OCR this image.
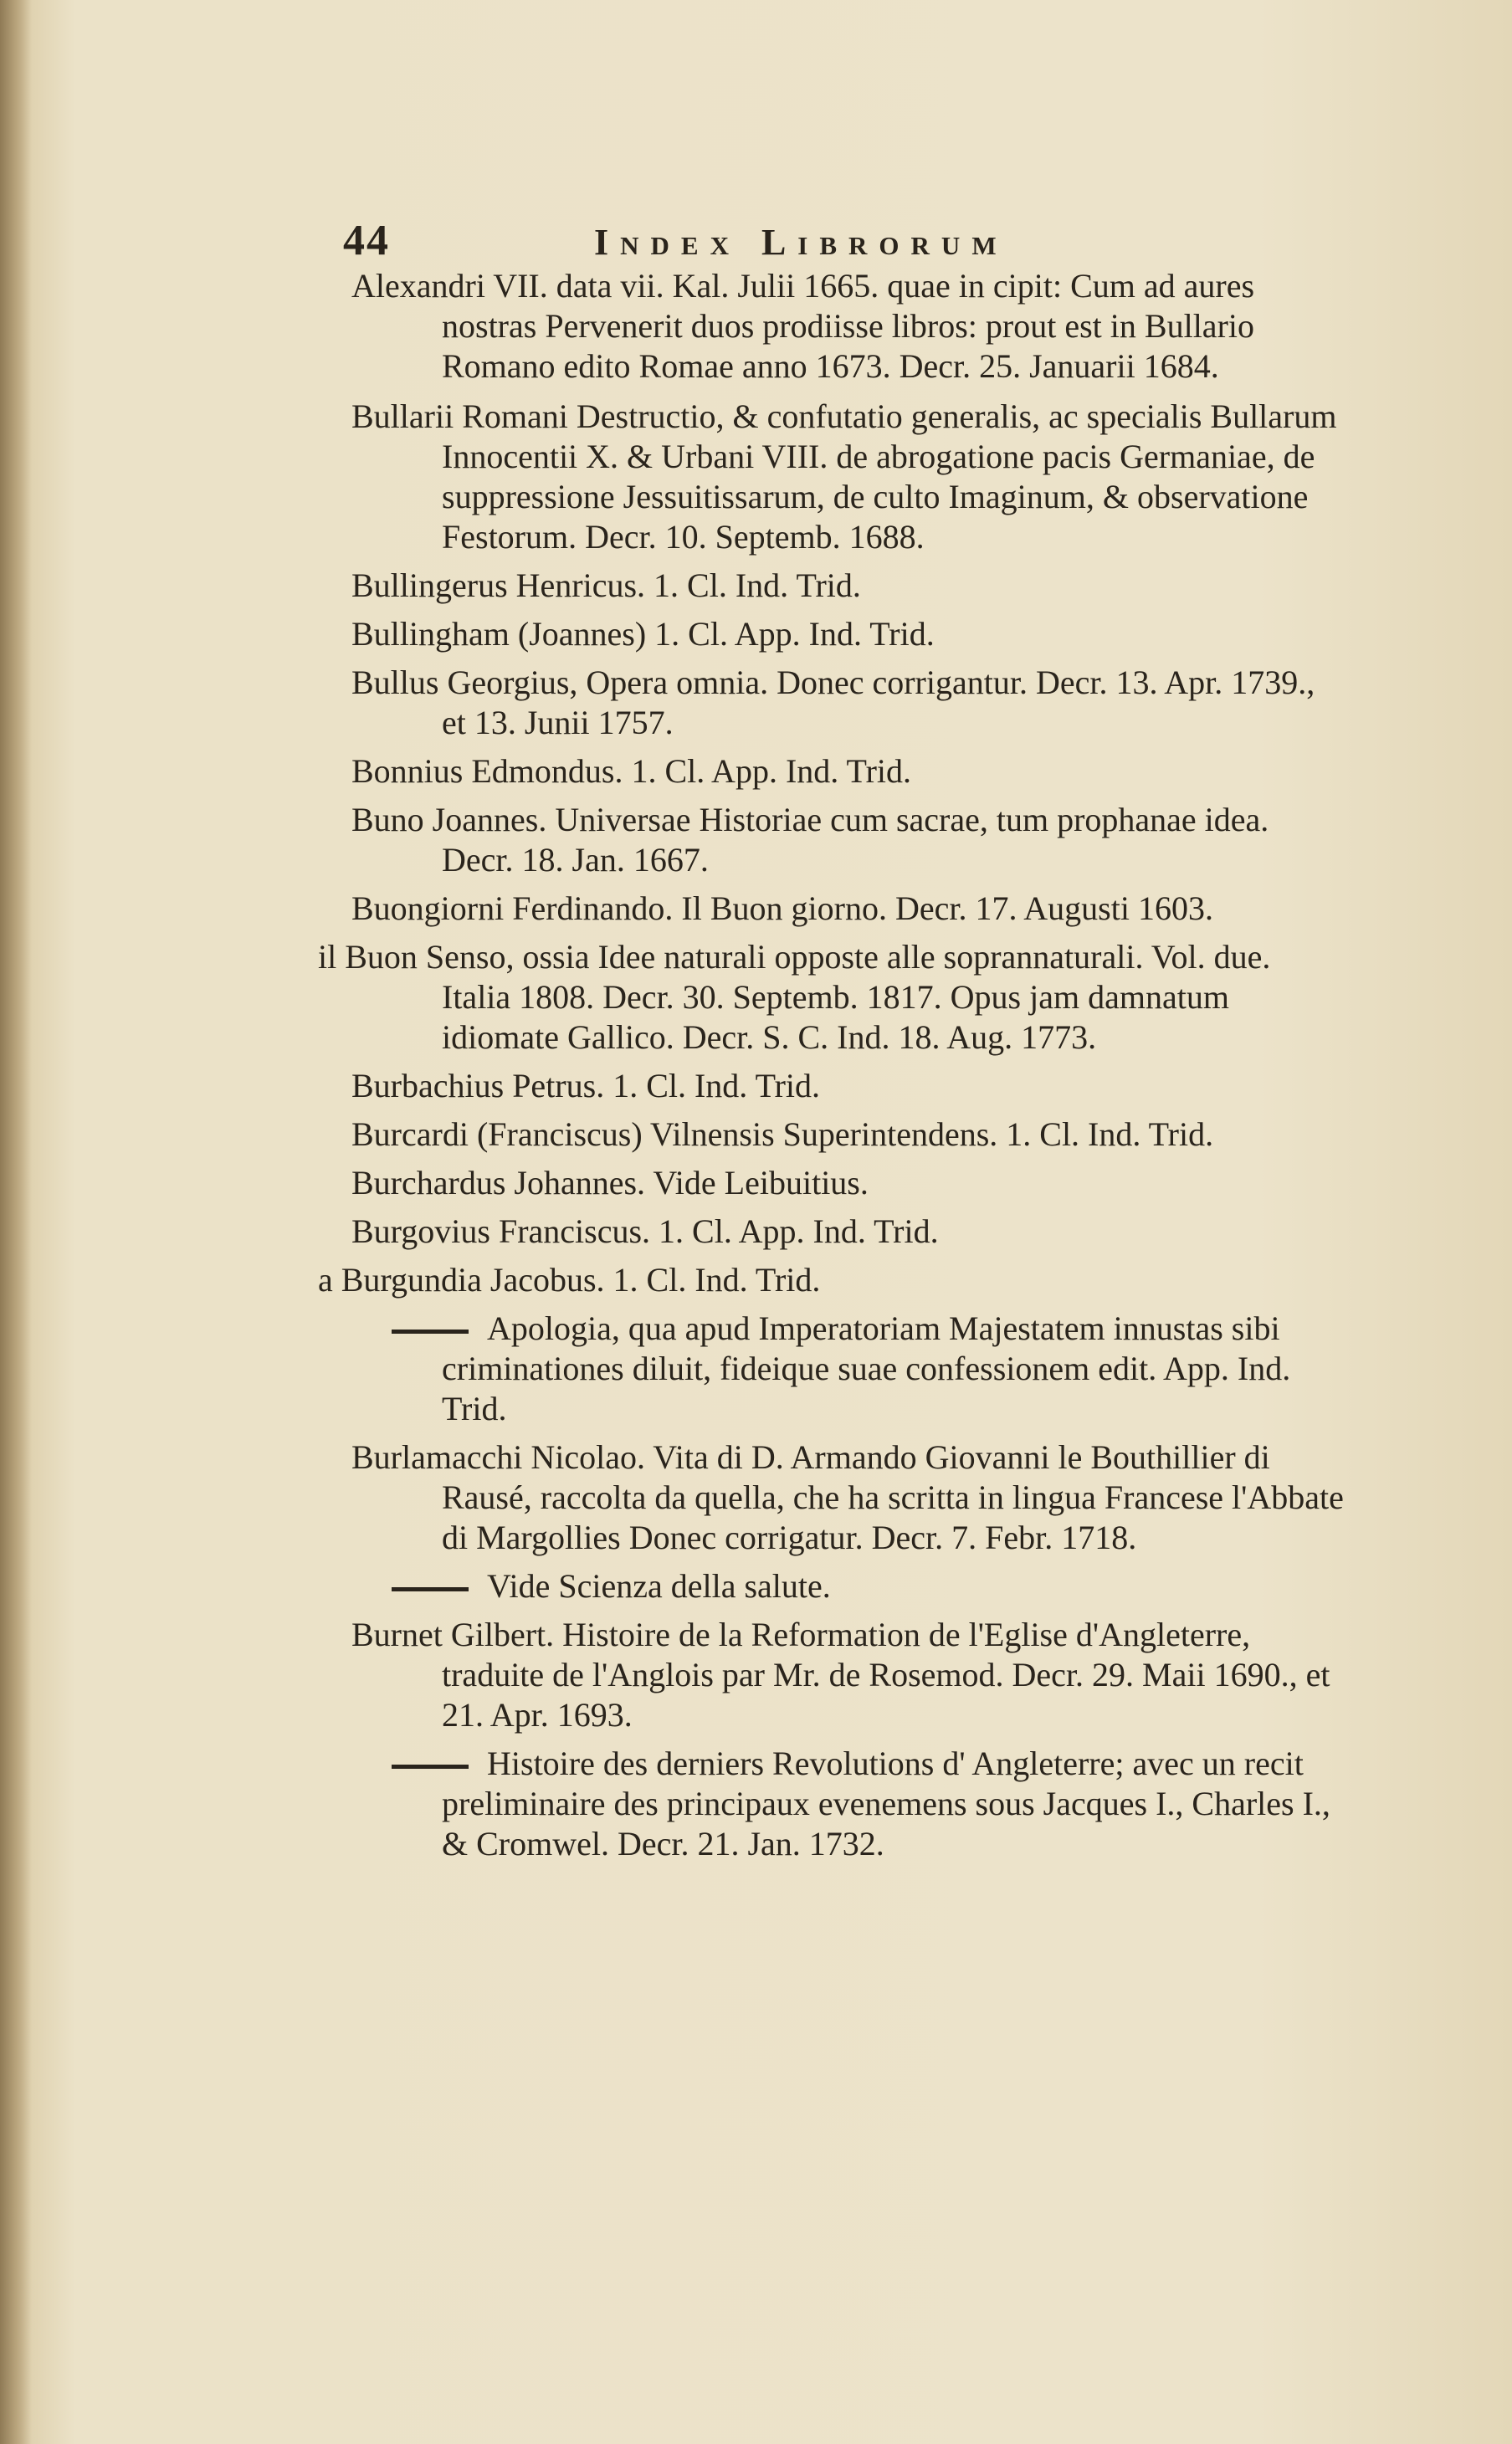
44	Index Librorum

Alexandri VII. data vii. Kal. Julii 1665. quae in cipit: Cum ad aures nostras Pervenerit duos prodiisse libros: prout est in Bullario Romano edito Romae anno 1673. Decr. 25. Januarii 1684.

Bullarii Romani Destructio, & confutatio generalis, ac specialis Bullarum Innocentii X. & Urbani VIII. de abrogatione pacis Germaniae, de suppressione Jessuitissarum, de culto Imaginum, & observatione Festorum. Decr. 10. Septemb. 1688.

Bullingerus Henricus. 1. Cl. Ind. Trid.

Bullingham (Joannes) 1. Cl. App. Ind. Trid.

Bullus Georgius, Opera omnia. Donec corrigantur. Decr. 13. Apr. 1739., et 13. Junii 1757.

Bonnius Edmondus. 1. Cl. App. Ind. Trid.

Buno Joannes. Universae Historiae cum sacrae, tum prophanae idea. Decr. 18. Jan. 1667.

Buongiorni Ferdinando. Il Buon giorno. Decr. 17. Augusti 1603.

il Buon Senso, ossia Idee naturali opposte alle soprannaturali. Vol. due. Italia 1808. Decr. 30. Septemb. 1817. Opus jam damnatum idiomate Gallico. Decr. S. C. Ind. 18. Aug. 1773.

Burbachius Petrus. 1. Cl. Ind. Trid.

Burcardi (Franciscus) Vilnensis Superintendens. 1. Cl. Ind. Trid.

Burchardus Johannes. Vide Leibuitius.

Burgovius Franciscus. 1. Cl. App. Ind. Trid.

a Burgundia Jacobus. 1. Cl. Ind. Trid.

Apologia, qua apud Imperatoriam Majestatem innustas sibi criminationes diluit, fideique suae confessionem edit. App. Ind. Trid.

Burlamacchi Nicolao. Vita di D. Armando Giovanni le Bouthillier di Rausé, raccolta da quella, che ha scritta in lingua Francese l'Abbate di Margollies Donec corrigatur. Decr. 7. Febr. 1718.

Vide Scienza della salute.

Burnet Gilbert. Histoire de la Reformation de l'Eglise d'Angleterre, traduite de l'Anglois par Mr. de Rosemod. Decr. 29. Maii 1690., et 21. Apr. 1693.

Histoire des derniers Revolutions d' Angleterre; avec un recit preliminaire des principaux evenemens sous Jacques I., Charles I., & Cromwel. Decr. 21. Jan. 1732.
